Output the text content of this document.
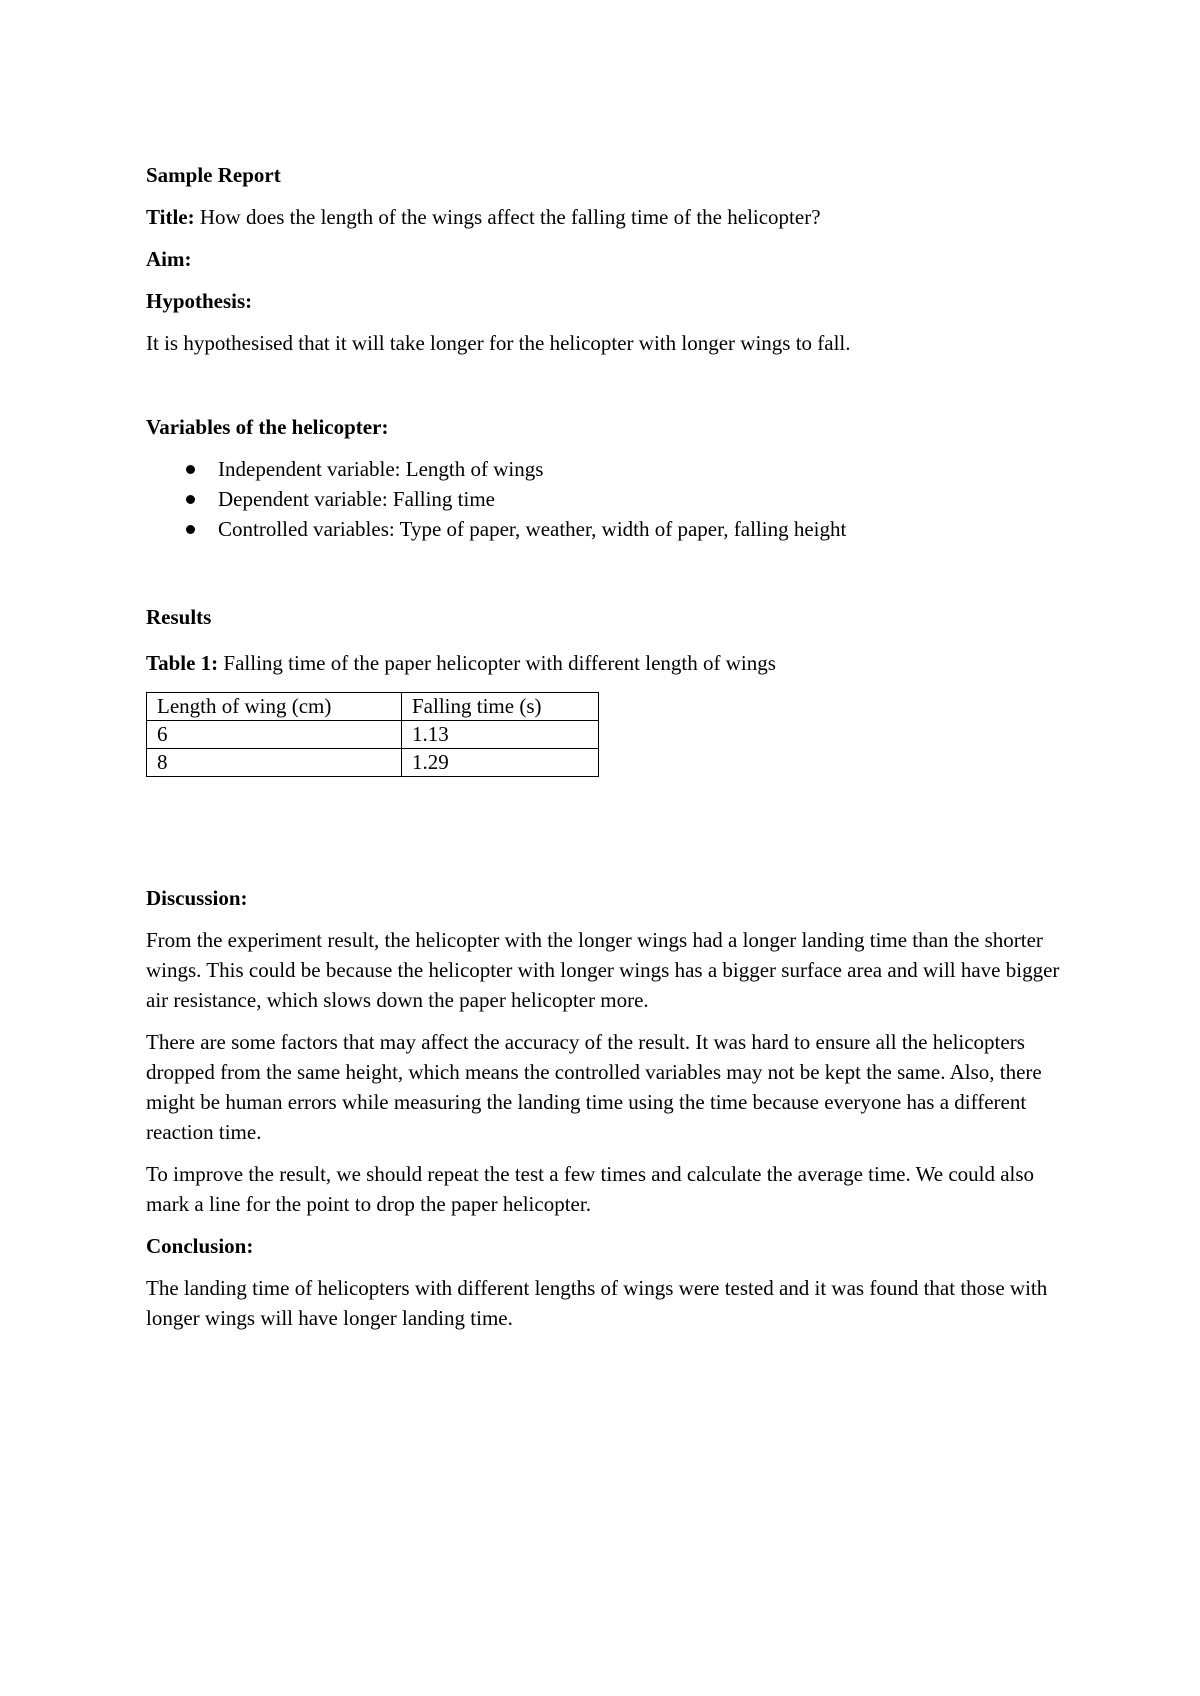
Sample Report

Title: How does the length of the wings affect the falling time of the helicopter?

Aim:

Hypothesis:

It is hypothesised that it will take longer for the helicopter with longer wings to fall.

Variables of the helicopter:

Independent variable: Length of wings
Dependent variable: Falling time
Controlled variables: Type of paper, weather, width of paper, falling height

Results

Table 1: Falling time of the paper helicopter with different length of wings

Length of wing (cm)	Falling time (s)
6	1.13
8	1.29

Discussion:

From the experiment result, the helicopter with the longer wings had a longer landing time than the shorter wings. This could be because the helicopter with longer wings has a bigger surface area and will have bigger air resistance, which slows down the paper helicopter more.

There are some factors that may affect the accuracy of the result. It was hard to ensure all the helicopters dropped from the same height, which means the controlled variables may not be kept the same. Also, there might be human errors while measuring the landing time using the time because everyone has a different reaction time.

To improve the result, we should repeat the test a few times and calculate the average time. We could also mark a line for the point to drop the paper helicopter.

Conclusion:

The landing time of helicopters with different lengths of wings were tested and it was found that those with longer wings will have longer landing time.
